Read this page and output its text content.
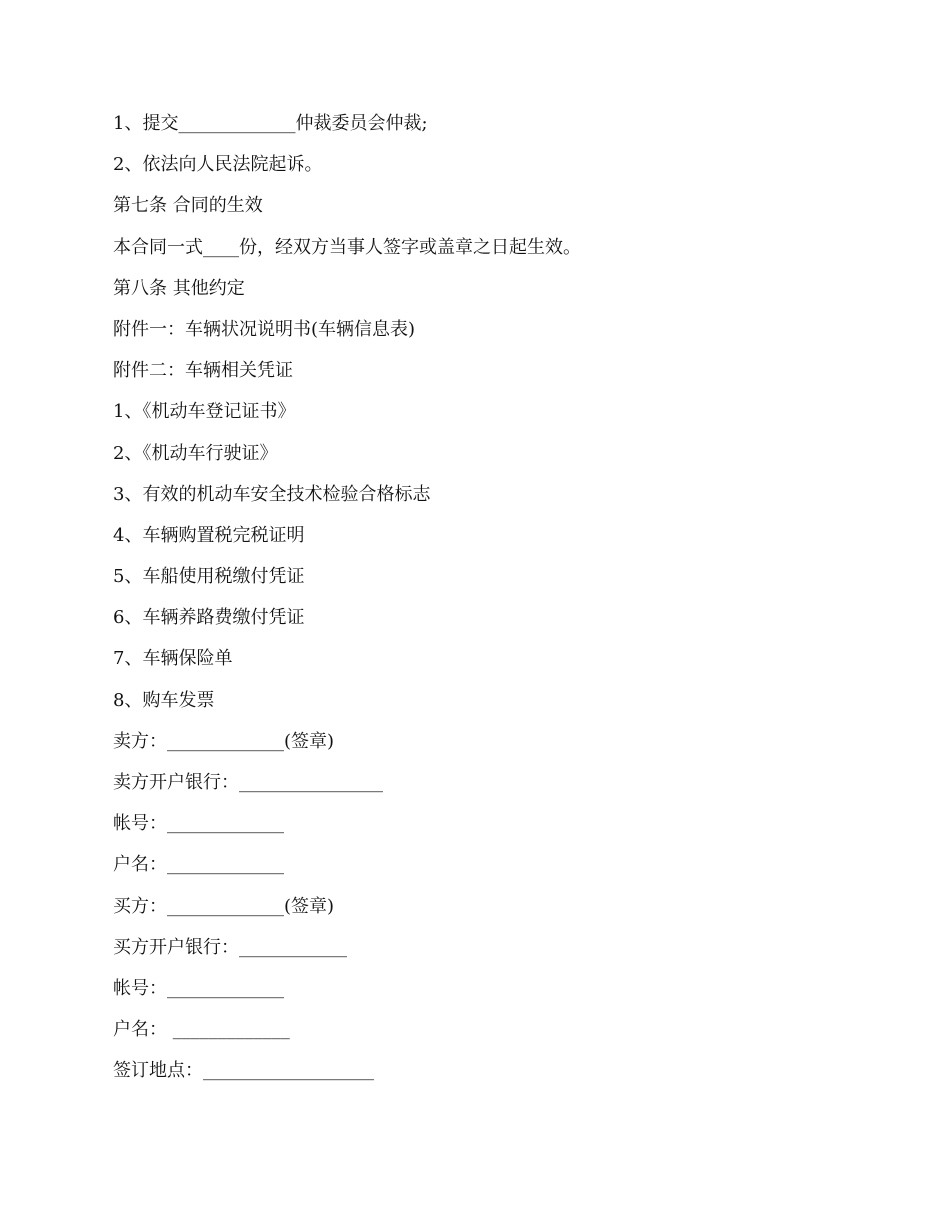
1、提交_____________仲裁委员会仲裁;
2、依法向人民法院起诉。
第七条 合同的生效
本合同一式____份，经双方当事人签字或盖章之日起生效。
第八条 其他约定
附件一：车辆状况说明书(车辆信息表)
附件二：车辆相关凭证
1、《机动车登记证书》
2、《机动车行驶证》
3、有效的机动车安全技术检验合格标志
4、车辆购置税完税证明
5、车船使用税缴付凭证
6、车辆养路费缴付凭证
7、车辆保险单
8、购车发票
卖方：_____________(签章)
卖方开户银行：________________
帐号：_____________
户名：_____________
买方：_____________(签章)
买方开户银行：____________
帐号：_____________
户名： _____________
签订地点：___________________
